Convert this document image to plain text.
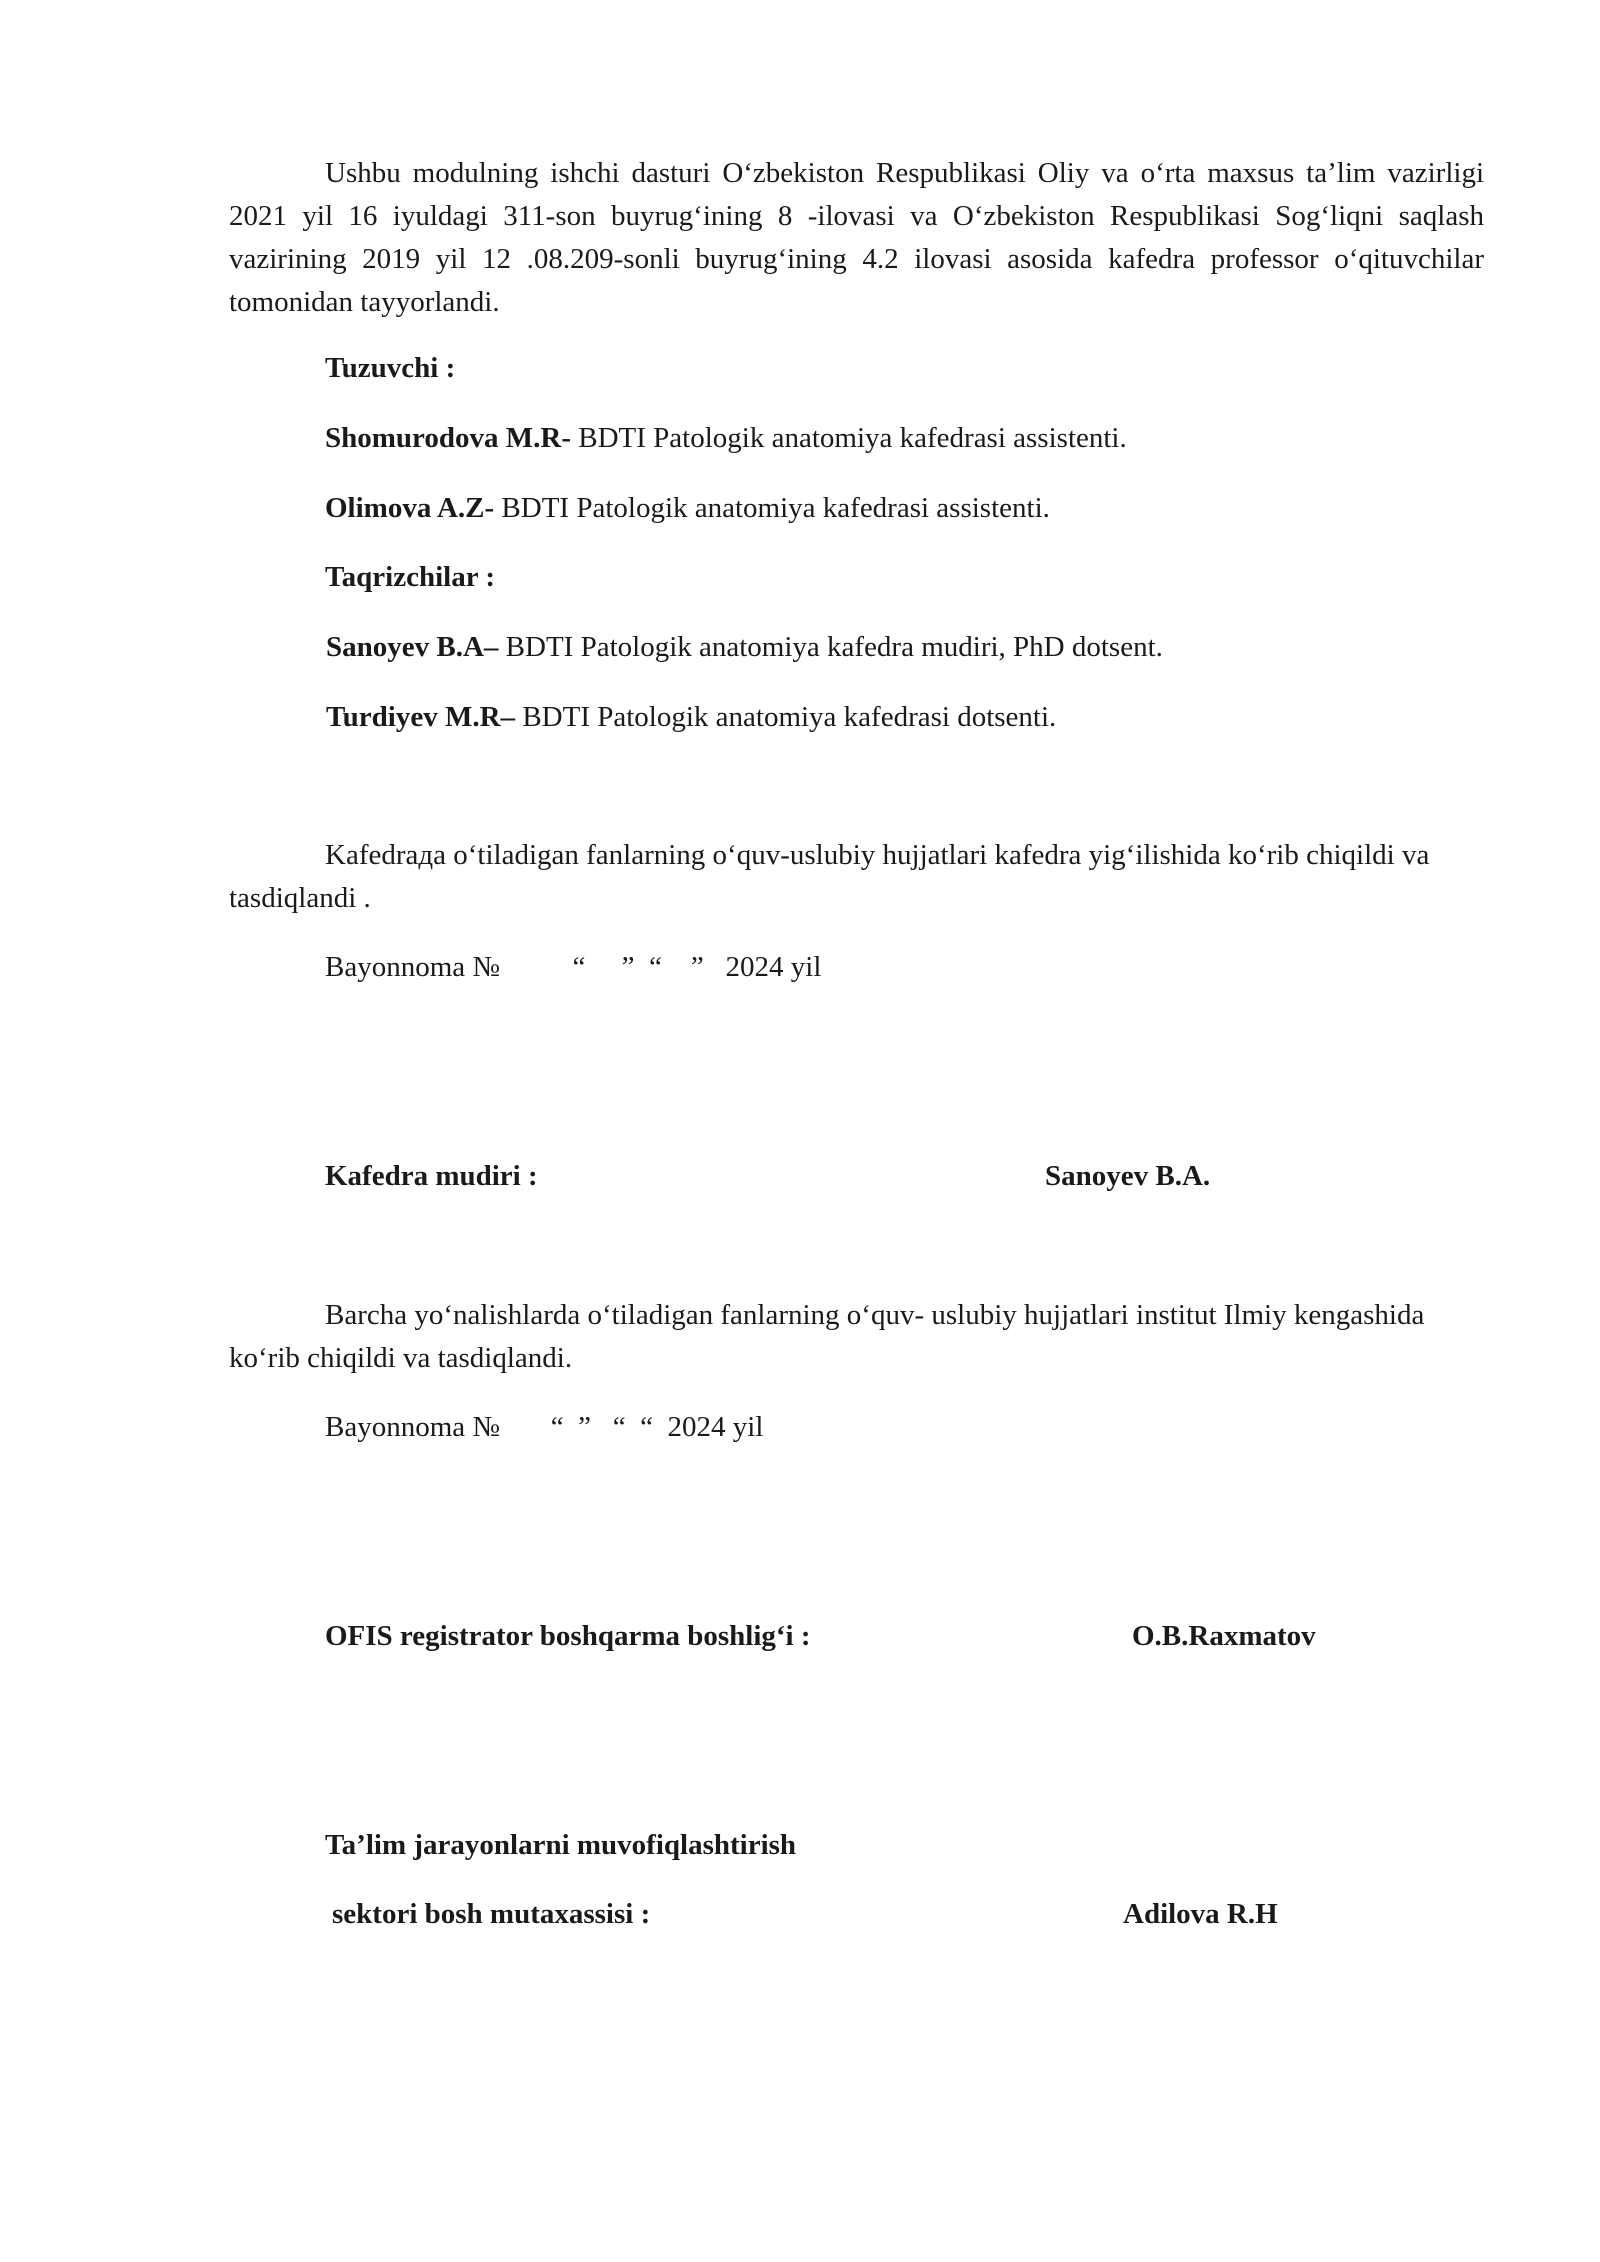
Ushbu modulning ishchi dasturi O‘zbekiston Respublikasi Oliy va o‘rta maxsus ta’lim vazirligi 2021 yil 16 iyuldagi 311-son buyrug‘ining 8 -ilovasi va O‘zbekiston Respublikasi Sog‘liqni saqlash vazirining 2019 yil 12 .08.209-sonli buyrug‘ining 4.2 ilovasi asosida kafedra professor o‘qituvchilar tomonidan tayyorlandi.

Tuzuvchi :

Shomurodova M.R- BDTI Patologik anatomiya kafedrasi assistenti.

Olimova A.Z- BDTI Patologik anatomiya kafedrasi assistenti.

Taqrizchilar :

Sanoyev B.A– BDTI Patologik anatomiya kafedra mudiri, PhD dotsent.

Turdiyev M.R– BDTI Patologik anatomiya kafedrasi dotsenti.

Kafedrада o‘tiladigan fanlarning o‘quv-uslubiy hujjatlari kafedra yig‘ilishida ko‘rib chiqildi va tasdiqlandi .

Bayonnoma №          “     ”  “    ”   2024 yil

Kafedra mudiri :	Sanoyev B.A.

Barcha yo‘nalishlarda o‘tiladigan fanlarning o‘quv- uslubiy hujjatlari institut Ilmiy kengashida ko‘rib chiqildi va tasdiqlandi.

Bayonnoma №       “  ”   “  “  2024 yil

OFIS registrator boshqarma boshlig‘i :	O.B.Raxmatov

Ta’lim jarayonlarni muvofiqlashtirish

sektori bosh mutaxassisi :	Adilova R.H
